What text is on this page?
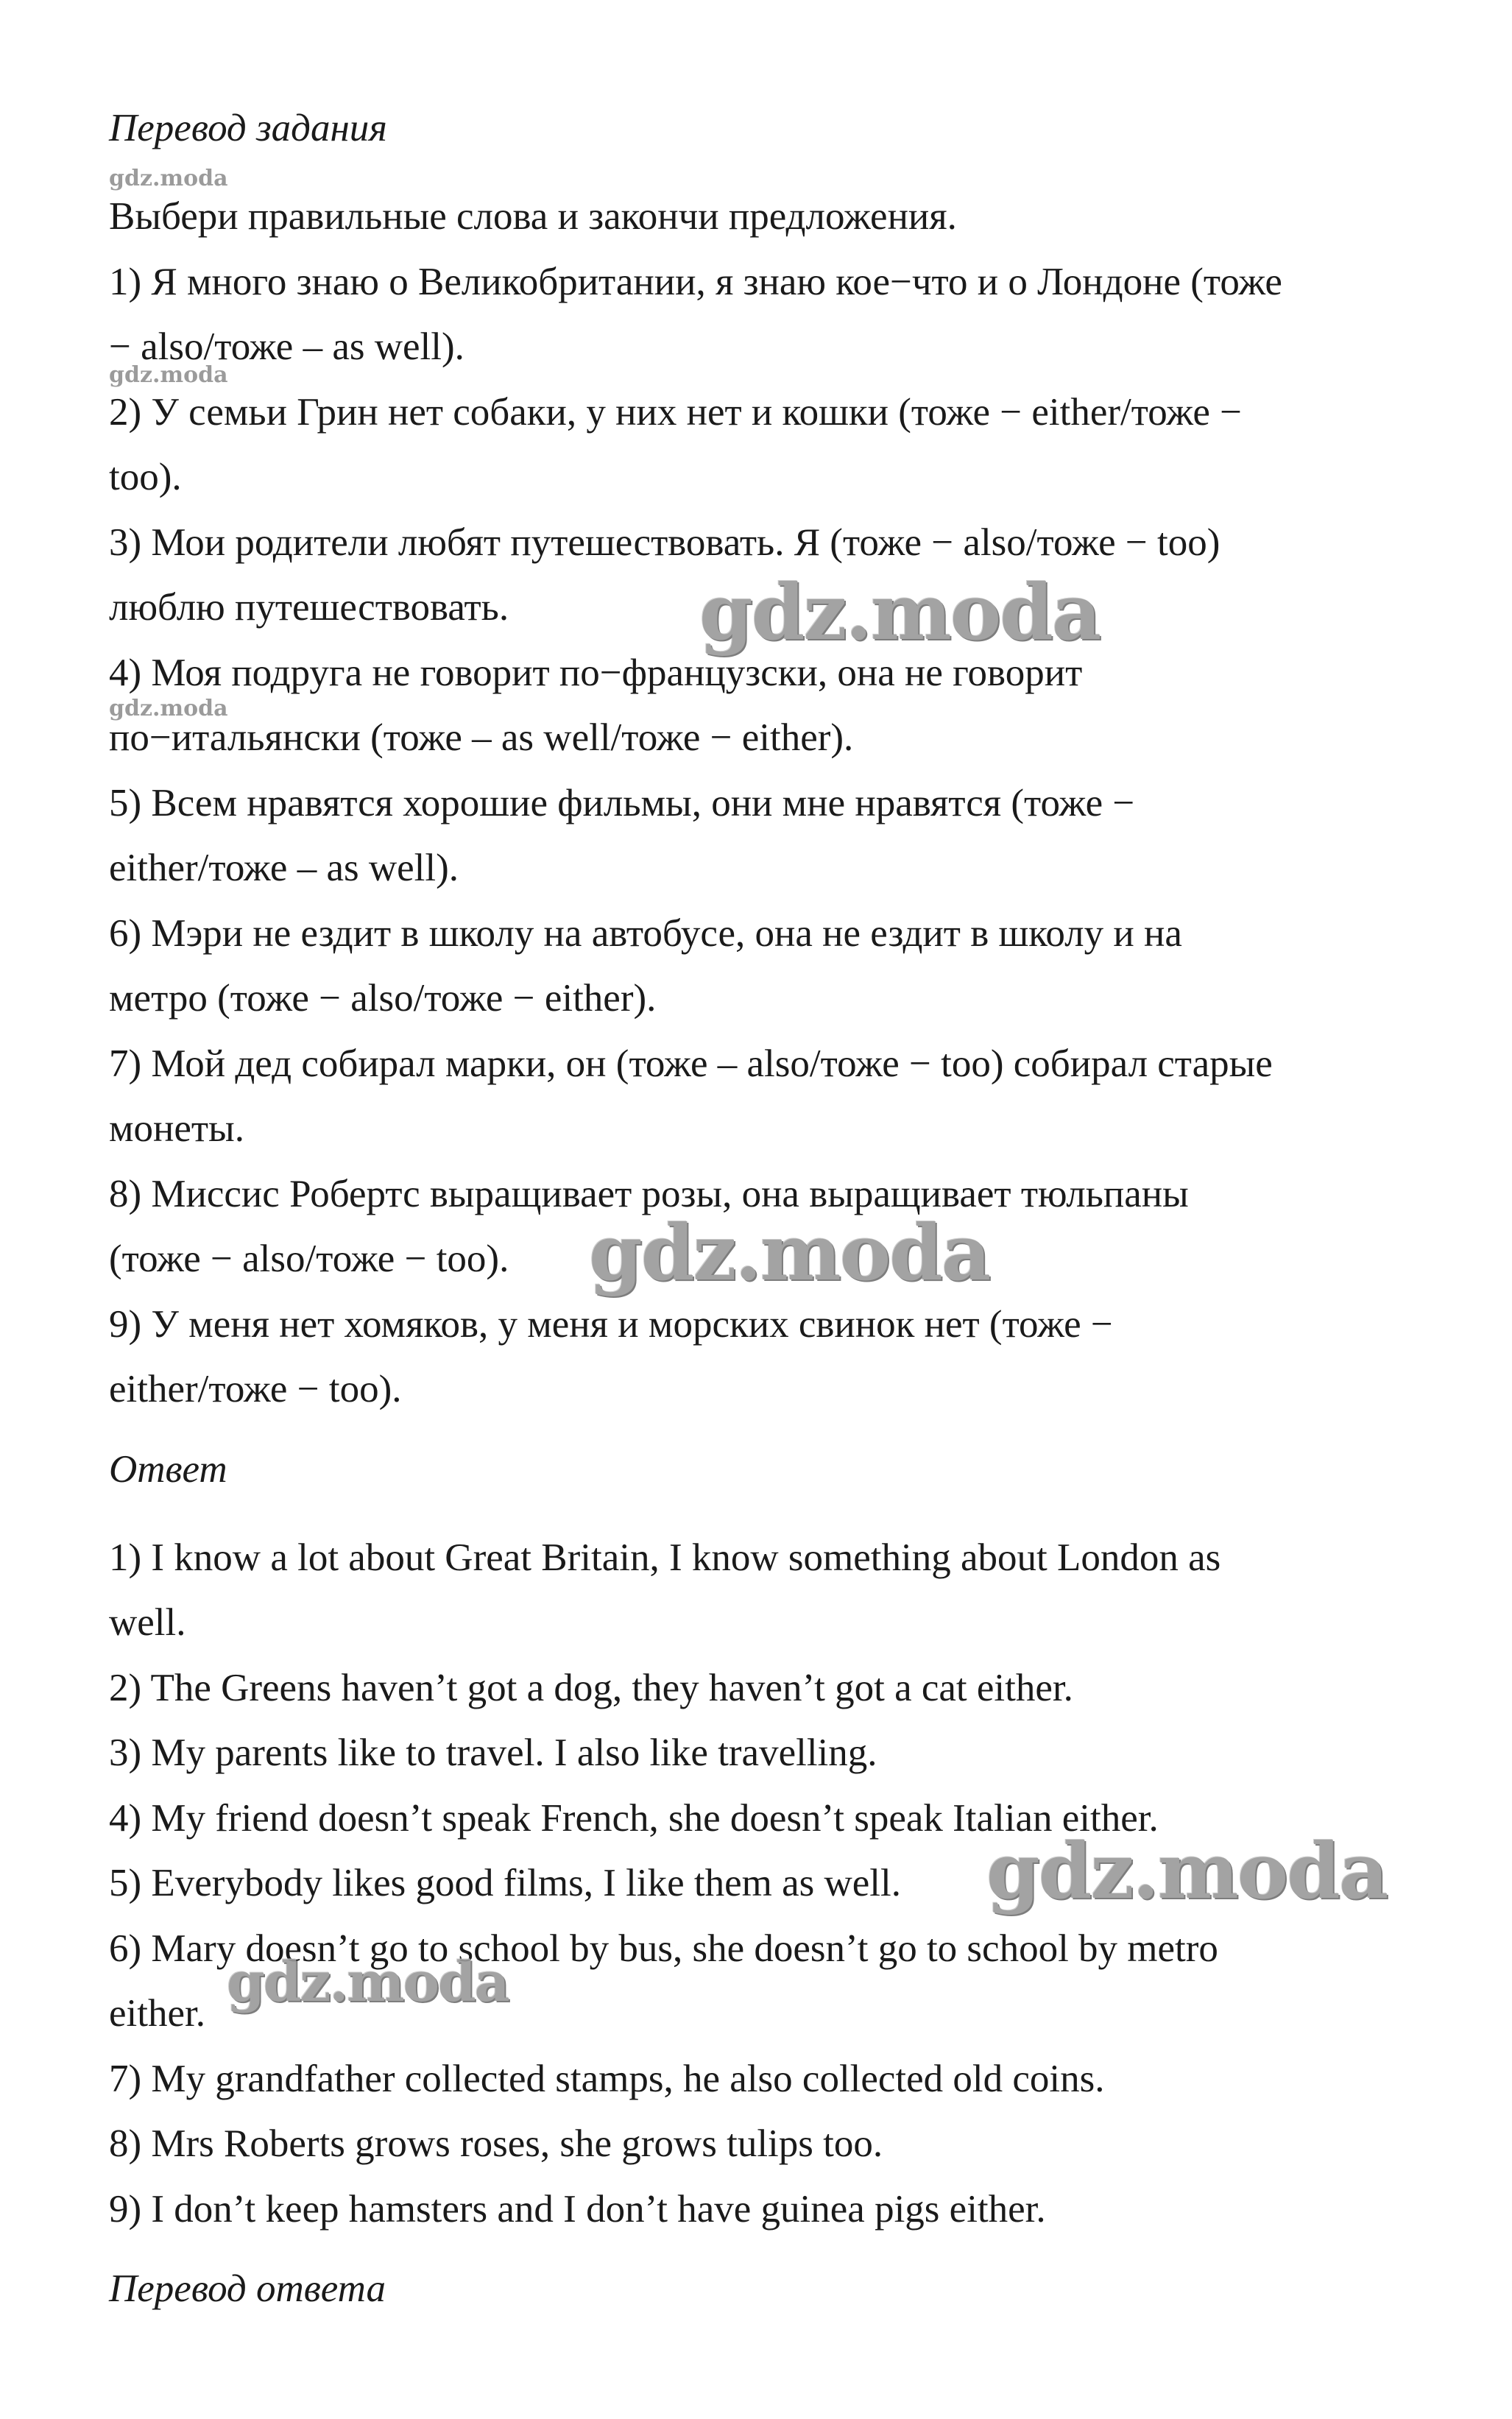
Перевод задания

Выбери правильные слова и закончи предложения.

1) Я много знаю о Великобритании, я знаю кое−что и о Лондоне (тоже

− also/тоже – as well).

2) У семьи Грин нет собаки, у них нет и кошки (тоже − either/тоже −

too).

3) Мои родители любят путешествовать. Я (тоже − also/тоже − too)

люблю путешествовать.

4) Моя подруга не говорит по−французски, она не говорит

по−итальянски (тоже – as well/тоже − either).

5) Всем нравятся хорошие фильмы, они мне нравятся (тоже −

either/тоже – as well).

6) Мэри не ездит в школу на автобусе, она не ездит в школу и на

метро (тоже − also/тоже − either).

7) Мой дед собирал марки, он (тоже – also/тоже − too) собирал старые

монеты.

8) Миссис Робертс выращивает розы, она выращивает тюльпаны

(тоже − also/тоже − too).

9) У меня нет хомяков, у меня и морских свинок нет (тоже −

either/тоже − too).

Ответ

1) I know a lot about Great Britain, I know something about London as

well.

2) The Greens haven’t got a dog, they haven’t got a cat either.

3) My parents like to travel. I also like travelling.

4) My friend doesn’t speak French, she doesn’t speak Italian either.

5) Everybody likes good films, I like them as well.

6) Mary doesn’t go to school by bus, she doesn’t go to school by metro

either.

7) My grandfather collected stamps, he also collected old coins.

8) Mrs Roberts grows roses, she grows tulips too.

9) I don’t keep hamsters and I don’t have guinea pigs either.

Перевод ответа

gdz.moda
gdz.moda
gdz.moda
gdz.moda
gdz.moda
gdz.moda
gdz.moda
